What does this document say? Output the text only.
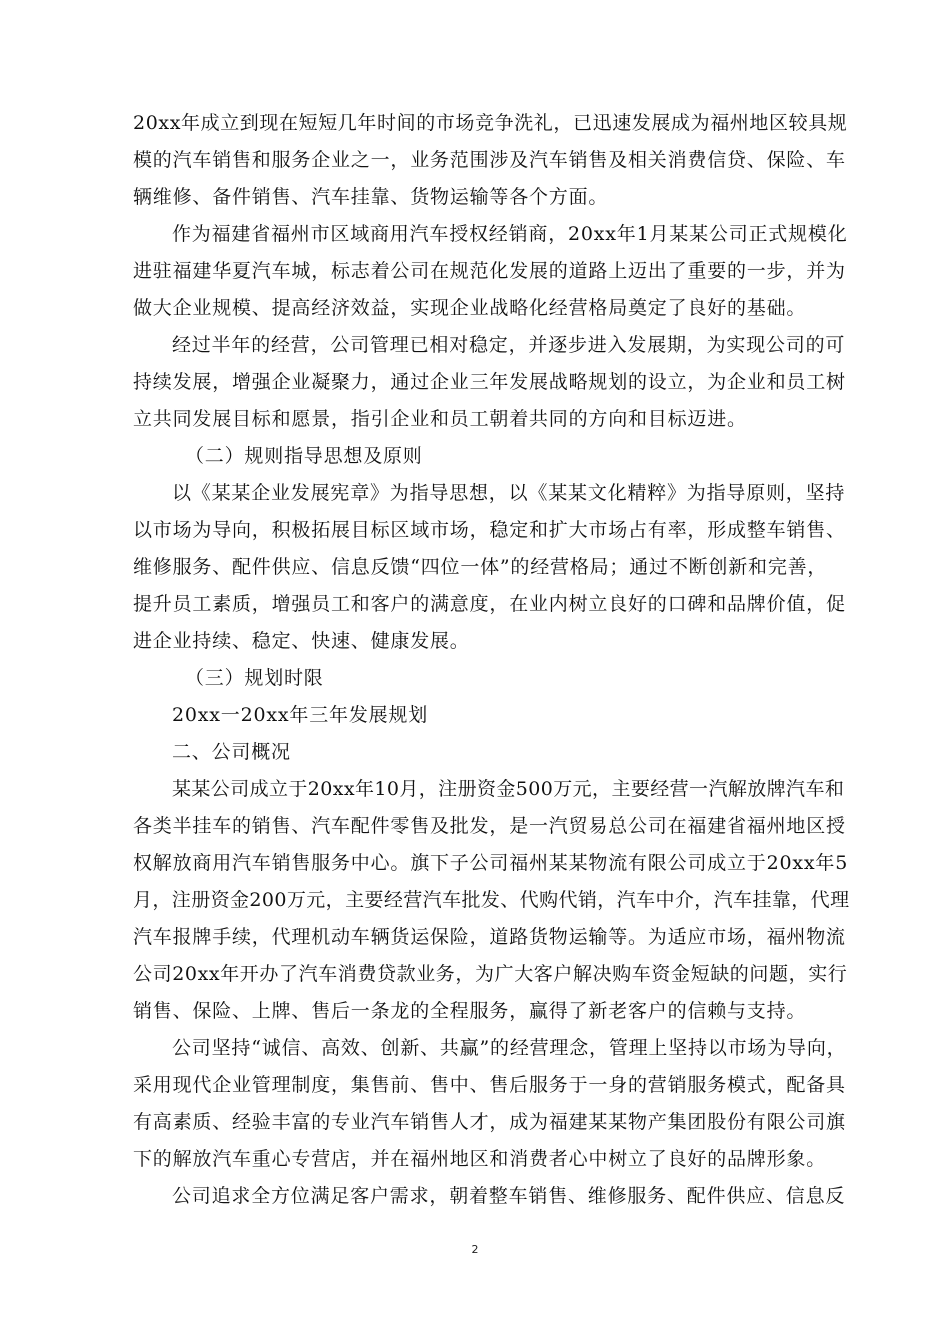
20xx年成立到现在短短几年时间的市场竞争洗礼，已迅速发展成为福州地区较具规
模的汽车销售和服务企业之一，业务范围涉及汽车销售及相关消费信贷、保险、车
辆维修、备件销售、汽车挂靠、货物运输等各个方面。
作为福建省福州市区域商用汽车授权经销商，20xx年1月某某公司正式规模化
进驻福建华夏汽车城，标志着公司在规范化发展的道路上迈出了重要的一步，并为
做大企业规模、提高经济效益，实现企业战略化经营格局奠定了良好的基础。
经过半年的经营，公司管理已相对稳定，并逐步进入发展期，为实现公司的可
持续发展，增强企业凝聚力，通过企业三年发展战略规划的设立，为企业和员工树
立共同发展目标和愿景，指引企业和员工朝着共同的方向和目标迈进。
（二）规则指导思想及原则
以《某某企业发展宪章》为指导思想，以《某某文化精粹》为指导原则，坚持
以市场为导向，积极拓展目标区域市场，稳定和扩大市场占有率，形成整车销售、
维修服务、配件供应、信息反馈“四位一体”的经营格局；通过不断创新和完善，
提升员工素质，增强员工和客户的满意度，在业内树立良好的口碑和品牌价值，促
进企业持续、稳定、快速、健康发展。
（三）规划时限
20xx一20xx年三年发展规划
二、公司概况
某某公司成立于20xx年10月，注册资金500万元，主要经营一汽解放牌汽车和
各类半挂车的销售、汽车配件零售及批发，是一汽贸易总公司在福建省福州地区授
权解放商用汽车销售服务中心。旗下子公司福州某某物流有限公司成立于20xx年5
月，注册资金200万元，主要经营汽车批发、代购代销，汽车中介，汽车挂靠，代理
汽车报牌手续，代理机动车辆货运保险，道路货物运输等。为适应市场，福州物流
公司20xx年开办了汽车消费贷款业务，为广大客户解决购车资金短缺的问题，实行
销售、保险、上牌、售后一条龙的全程服务，赢得了新老客户的信赖与支持。
公司坚持“诚信、高效、创新、共赢”的经营理念，管理上坚持以市场为导向，
采用现代企业管理制度，集售前、售中、售后服务于一身的营销服务模式，配备具
有高素质、经验丰富的专业汽车销售人才，成为福建某某物产集团股份有限公司旗
下的解放汽车重心专营店，并在福州地区和消费者心中树立了良好的品牌形象。
公司追求全方位满足客户需求，朝着整车销售、维修服务、配件供应、信息反
2
